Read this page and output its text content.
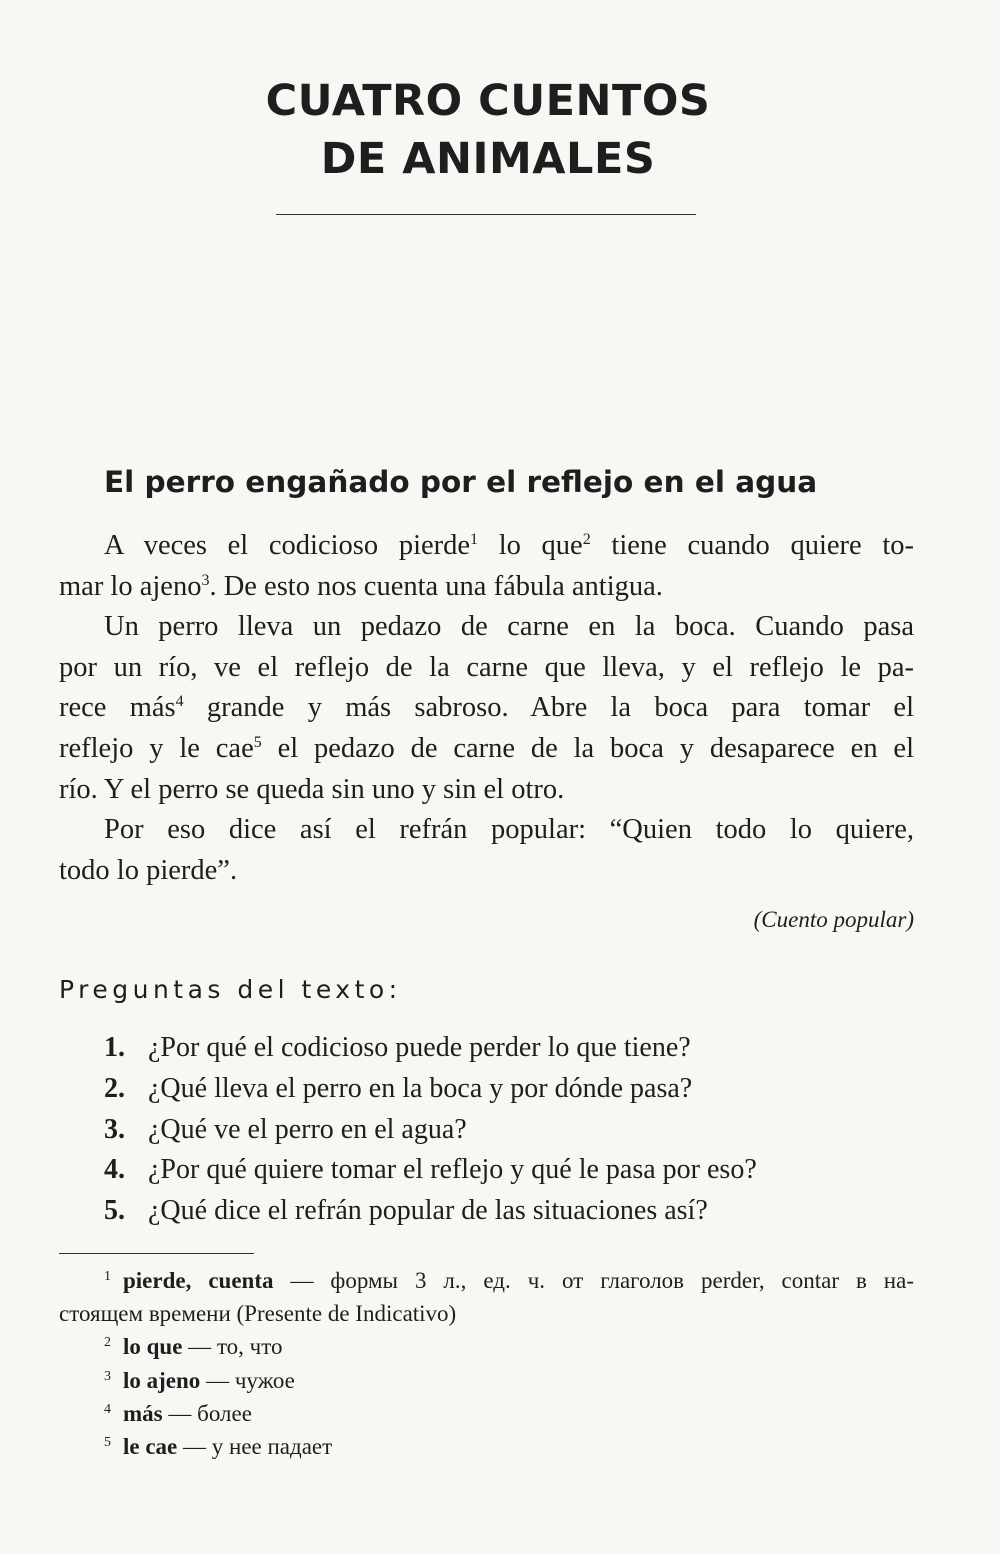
CUATRO CUENTOS
DE ANIMALES
El perro engañado por el reflejo en el agua

A veces el codicioso pierde$^1$ lo que$^2$ tiene cuando quiere to-
mar lo ajeno$^3$. De esto nos cuenta una fábula antigua.

Un perro lleva un pedazo de carne en la boca. Cuando pasa
por un río, ve el reflejo de la carne que lleva, y el reflejo le pa-
rece más$^4$ grande y más sabroso. Abre la boca para tomar el
reflejo y le cae$^5$ el pedazo de carne de la boca y desaparece en el
río. Y el perro se queda sin uno y sin el otro.

Por eso dice así el refrán popular: “Quien todo lo quiere,
todo lo pierde”.

(Cuento popular)
Preguntas del texto:
1. ¿Por qué el codicioso puede perder lo que tiene?
2. ¿Qué lleva el perro en la boca y por dónde pasa?
3. ¿Qué ve el perro en el agua?
4. ¿Por qué quiere tomar el reflejo y qué le pasa por eso?
5. ¿Qué dice el refrán popular de las situaciones así?
$^1$ pierde, cuenta — формы 3 л., ед. ч. от глаголов perder, contar в на-
стоящем времени (Presente de Indicativo)
$^2$ lo que — то, что
$^3$ lo ajeno — чужое
$^4$ más — более
$^5$ le cae — у нее падает
